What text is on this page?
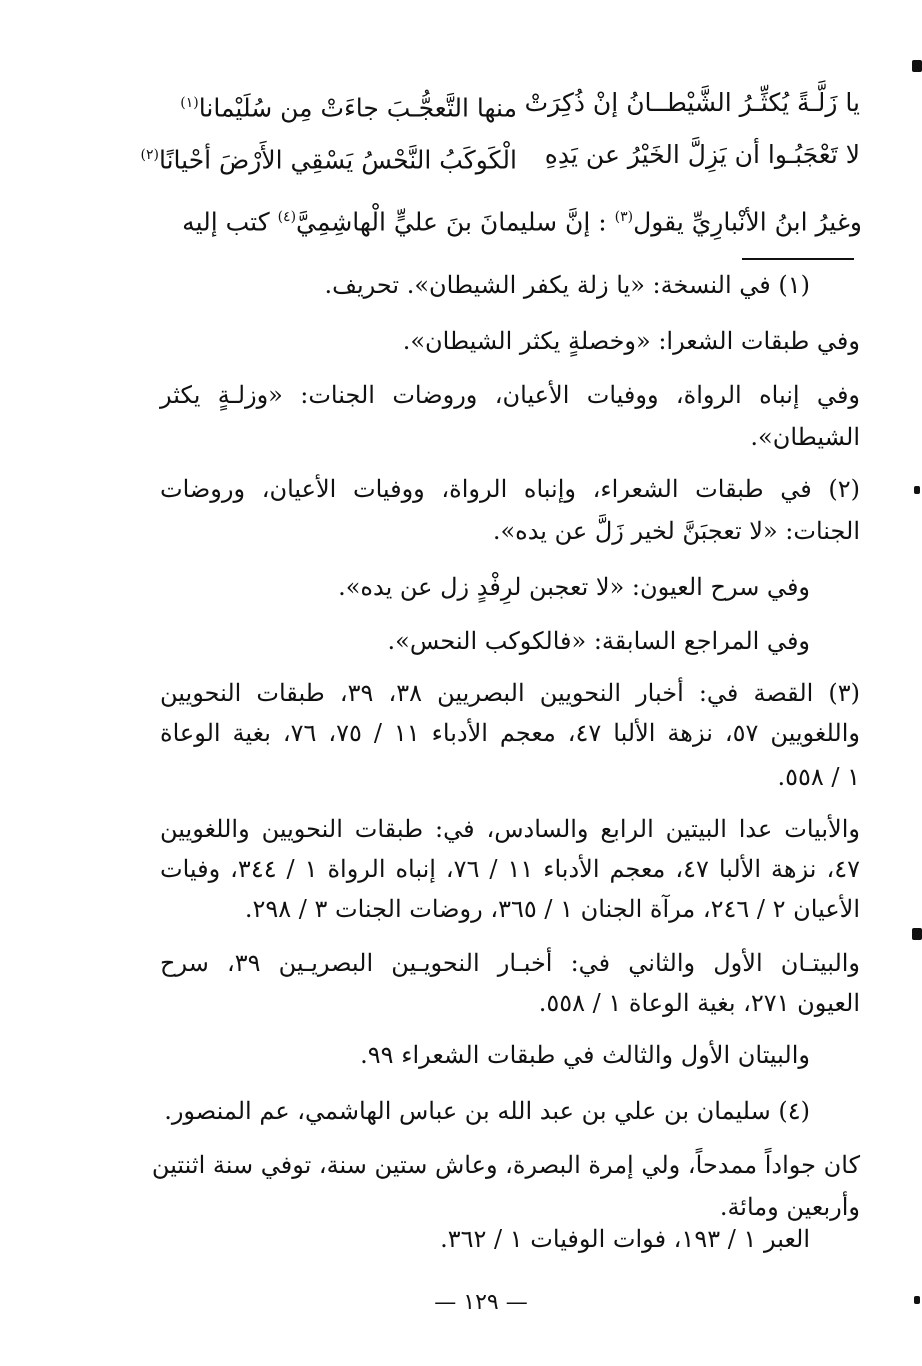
يا زَلَّـةً يُكثِّـرُ الشَّيْطــانُ إنْ ذُكِرَتْ
منها التَّعجُّـبَ جاءَتْ مِن سُلَيْمانا$^{(١)}$
لا تَعْجَبُـوا أن يَزِلَّ الخَيْرُ عن يَدِهِ
الْكَوكَبُ النَّحْسُ يَسْقِي الأَرْضَ أحْيانًا$^{(٢)}$
وغيرُ ابنُ الأنْبارِيِّ يقول$^{(٣)}$ : إنَّ سليمانَ بنَ عليٍّ الْهاشِمِيَّ$^{(٤)}$ كتب إليه
(١) في النسخة: «يا زلة يكفر الشيطان». تحريف.
وفي طبقات الشعرا: «وخصلةٍ يكثر الشيطان».
وفي إنباه الرواة، ووفيات الأعيان، وروضات الجنات: «وزلـةٍ يكثر
الشيطان».
(٢) في طبقات الشعراء، وإنباه الرواة، ووفيات الأعيان، وروضات
الجنات: «لا تعجبَنَّ لخير زَلَّ عن يده».
وفي سرح العيون: «لا تعجبن لرِفْدٍ زل عن يده».
وفي المراجع السابقة: «فالكوكب النحس».
(٣) القصة في: أخبار النحويين البصريين ٣٨، ٣٩، طبقات النحويين
واللغويين ٥٧، نزهة الألبا ٤٧، معجم الأدباء ١١ / ٧٥، ٧٦، بغية الوعاة
١ / ٥٥٨.
والأبيات عدا البيتين الرابع والسادس، في: طبقات النحويين واللغويين
٤٧، نزهة الألبا ٤٧، معجم الأدباء ١١ / ٧٦، إنباه الرواة ١ / ٣٤٤، وفيات
الأعيان ٢ / ٢٤٦، مرآة الجنان ١ / ٣٦٥، روضات الجنات ٣ / ٢٩٨.
والبيتـان الأول والثاني في: أخبـار النحويـين البصريـين ٣٩، سرح
العيون ٢٧١، بغية الوعاة ١ / ٥٥٨.
والبيتان الأول والثالث في طبقات الشعراء ٩٩.
(٤) سليمان بن علي بن عبد الله بن عباس الهاشمي، عم المنصور.
كان جواداً ممدحاً، ولي إمرة البصرة، وعاش ستين سنة، توفي سنة اثنتين
وأربعين ومائة.
العبر ١ / ١٩٣، فوات الوفيات ١ / ٣٦٢.
— ١٢٩ —
